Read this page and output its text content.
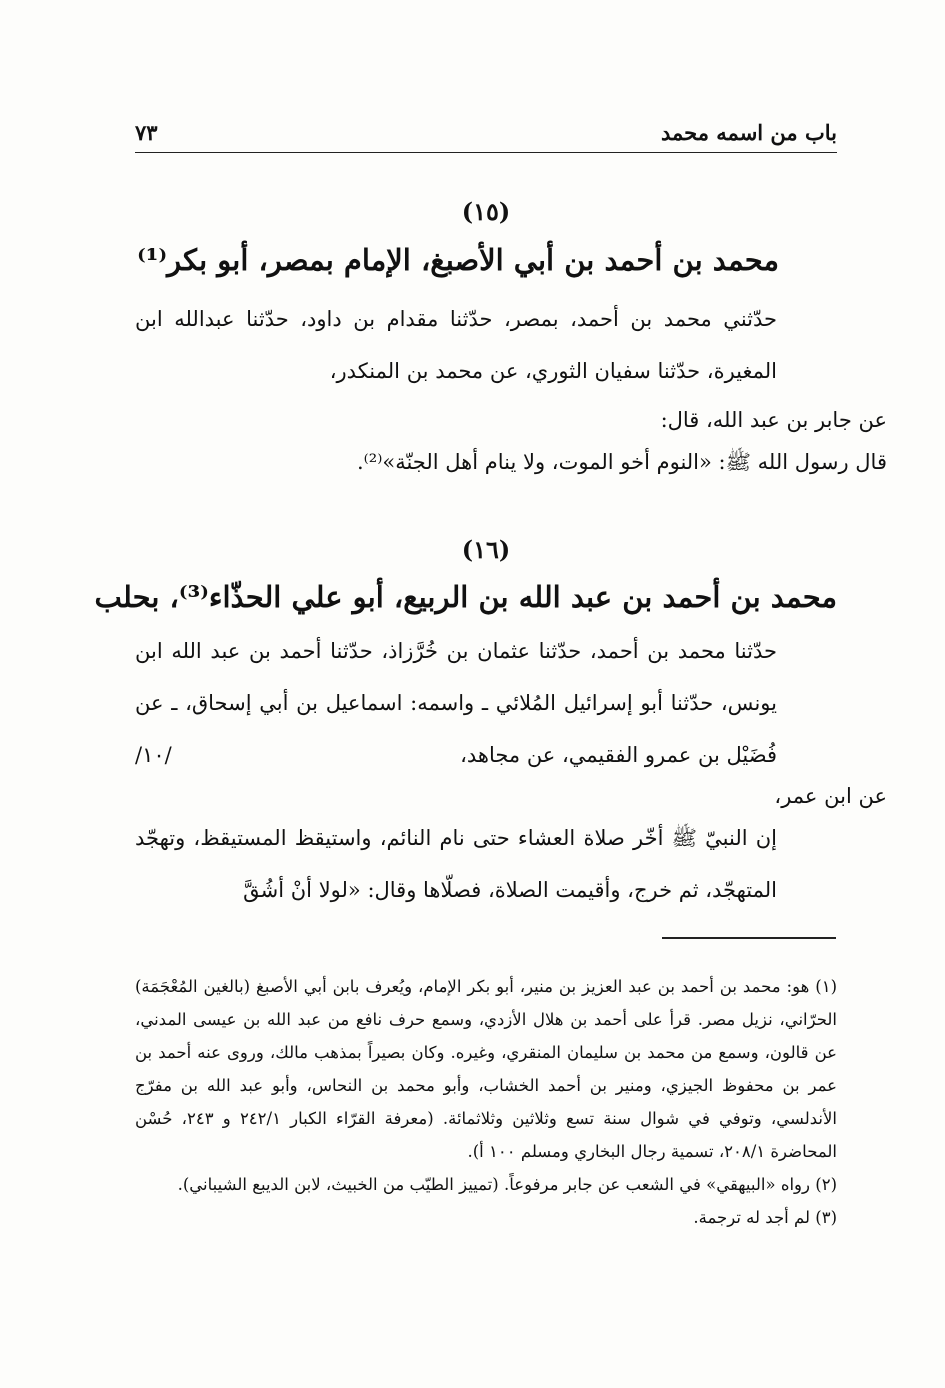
باب من اسمه محمد
٧٣
(١٥)
محمد بن أحمد بن أبي الأصبغ، الإمام بمصر، أبو بكر⁽¹⁾

حدّثني محمد بن أحمد، بمصر، حدّثنا مقدام بن داود، حدّثنا عبدالله ابن المغيرة، حدّثنا سفيان الثوري، عن محمد بن المنكدر،

عن جابر بن عبد الله، قال:
قال رسول الله ﷺ: «النوم أخو الموت، ولا ينام أهل الجنّة»⁽²⁾.
(١٦)
محمد بن أحمد بن عبد الله بن الربيع، أبو علي الحذّاء⁽³⁾، بحلب

حدّثنا محمد بن أحمد، حدّثنا عثمان بن خُرَّزاذ، حدّثنا أحمد بن عبد الله ابن يونس، حدّثنا أبو إسرائيل المُلائي ـ واسمه: اسماعيل بن أبي إسحاق، ـ عن فُضَيْل بن عمرو الفقيمي، عن مجاهد،
/١٠/

عن ابن عمر،

إن النبيّ ﷺ أخّر صلاة العشاء حتى نام النائم، واستيقظ المستيقظ، وتهجّد المتهجّد، ثم خرج، وأقيمت الصلاة، فصلّاها وقال: «لولا أنْ أشُقَّ

(١) هو: محمد بن أحمد بن عبد العزيز بن منير، أبو بكر الإمام، ويُعرف بابن أبي الأصبغ (بالغين المُعْجَمَة) الحرّاني، نزيل مصر. قرأ على أحمد بن هلال الأزدي، وسمع حرف نافع من عبد الله بن عيسى المدني، عن قالون، وسمع من محمد بن سليمان المنقري، وغيره. وكان بصيراً بمذهب مالك، وروى عنه أحمد بن عمر بن محفوظ الجيزي، ومنير بن أحمد الخشاب، وأبو محمد بن النحاس، وأبو عبد الله بن مفرّج الأندلسي، وتوفي في شوال سنة تسع وثلاثين وثلاثمائة. (معرفة القرّاء الكبار ٢٤٢/١ و ٢٤٣، حُسْن المحاضرة ٢٠٨/١، تسمية رجال البخاري ومسلم ١٠٠ أ).

(٢) رواه «البيهقي» في الشعب عن جابر مرفوعاً. (تمييز الطيّب من الخبيث، لابن الديبع الشيباني).

(٣) لم أجد له ترجمة.
